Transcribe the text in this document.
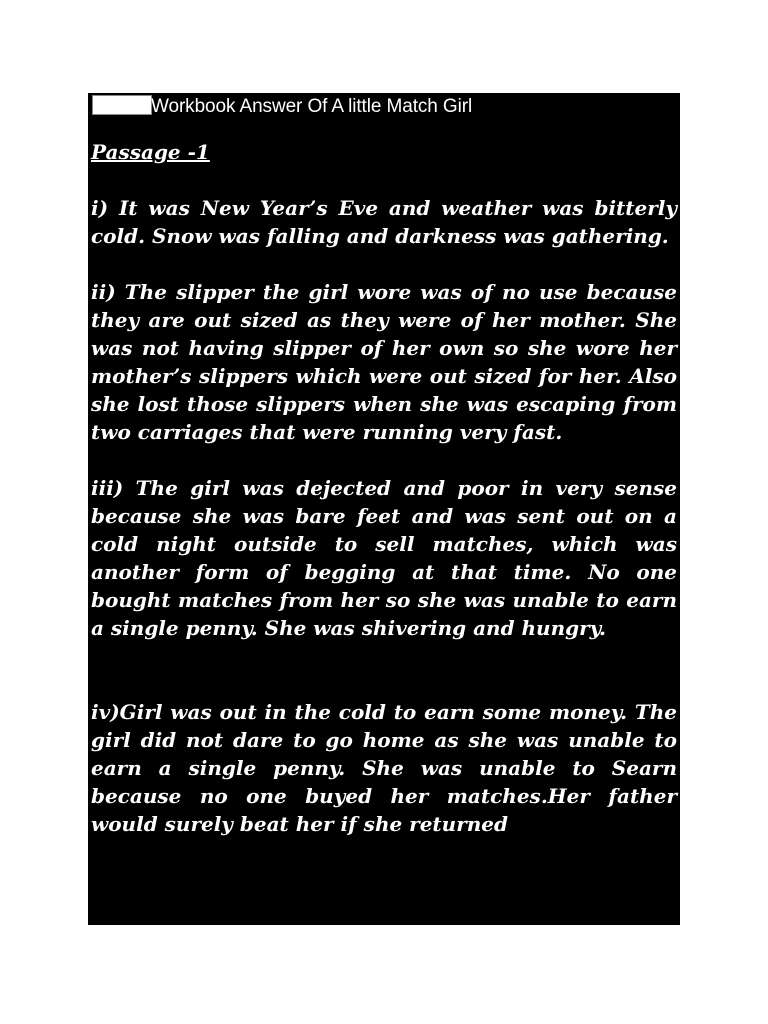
Workbook Answer Of A little Match Girl
Passage -1

i) It was New Year’s Eve and weather was bitterly cold. Snow was falling and darkness was gathering.

ii) The slipper the girl wore was of no use because they are out sized as they were of her mother. She was not having slipper of her own so she wore her mother’s slippers which were out sized for her. Also she lost those slippers when she was escaping from two carriages that were running very fast.

iii) The girl was dejected and poor in very sense because she was bare feet and was sent out on a cold night outside to sell matches, which was another form of begging at that time. No one bought matches from her so she was unable to earn a single penny. She was shivering and hungry.

iv)Girl was out in the cold to earn some money. The girl did not dare to go home as she was unable to earn a single penny. She was unable to Searn because no one buyed her matches.Her father would surely beat her if she returned
